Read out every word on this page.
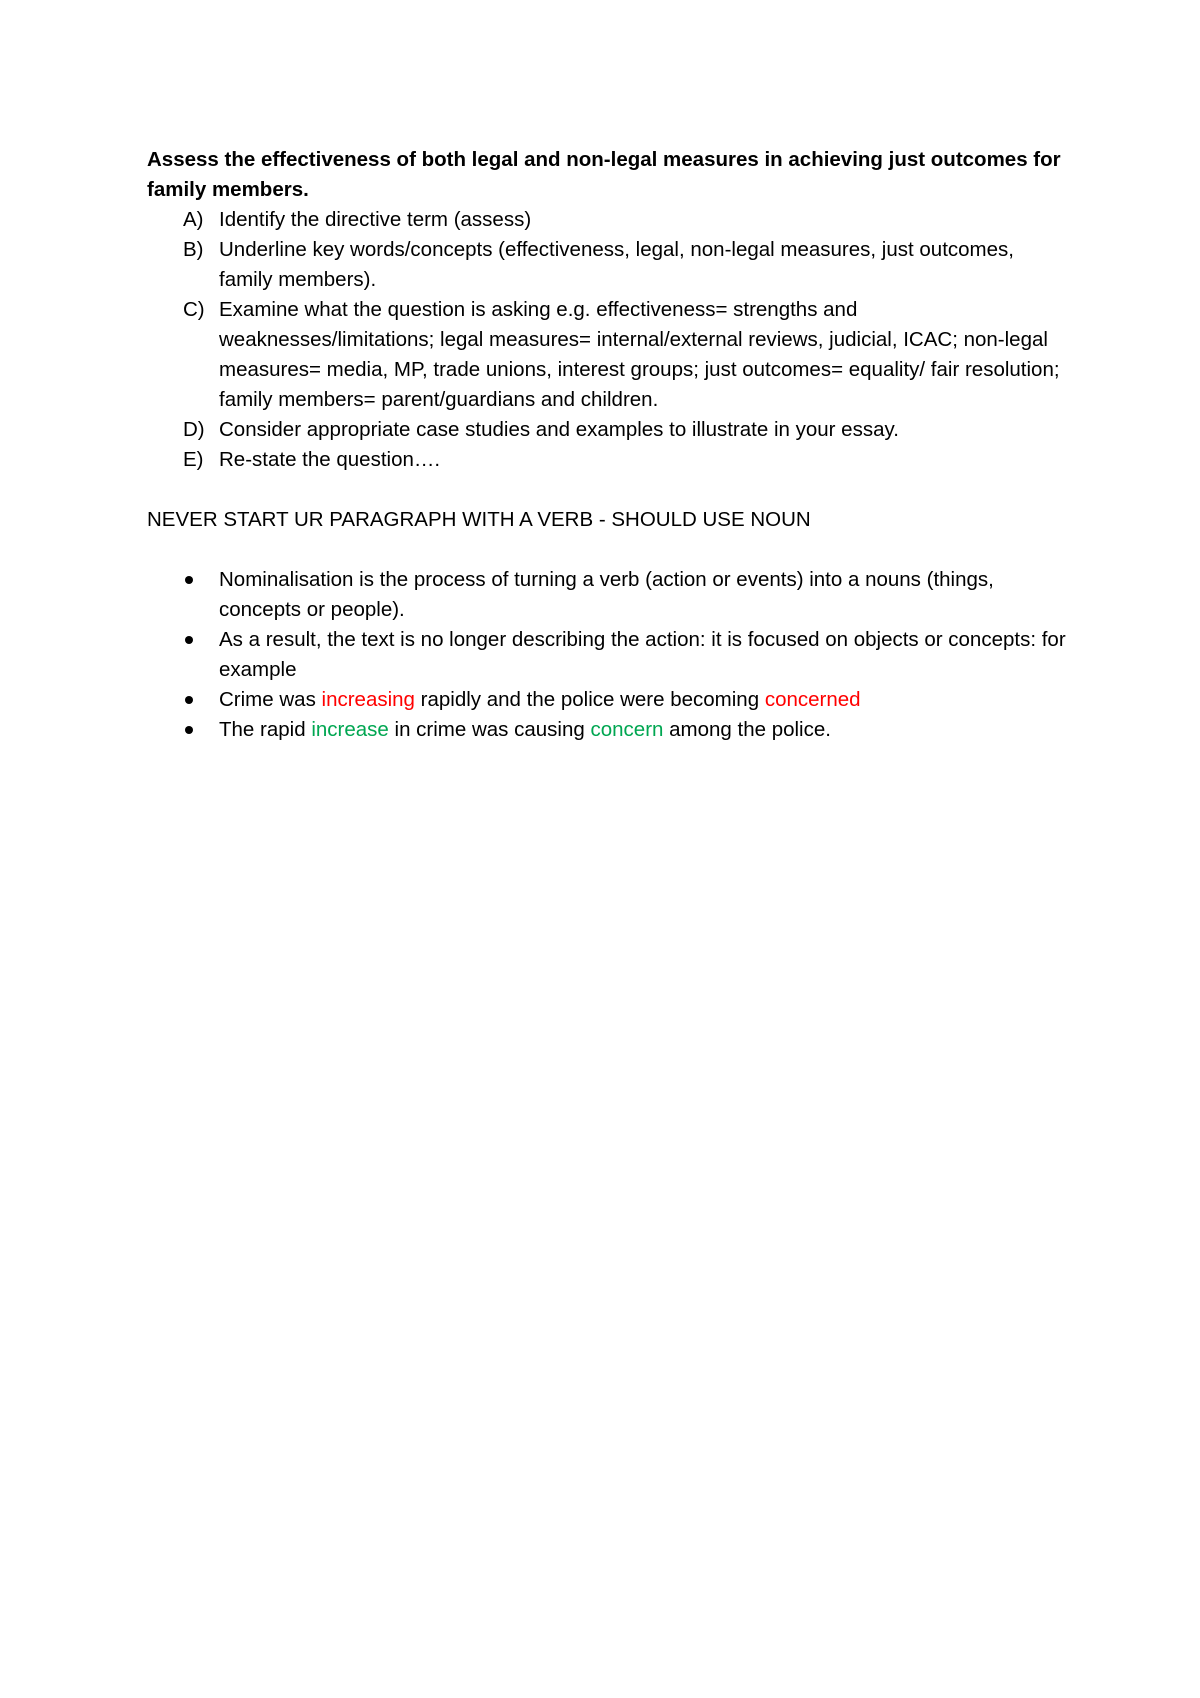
Assess the effectiveness of both legal and non-legal measures in achieving just outcomes for family members.

A) Identify the directive term (assess)
B) Underline key words/concepts (effectiveness, legal, non-legal measures, just outcomes, family members).
C) Examine what the question is asking e.g. effectiveness= strengths and weaknesses/limitations; legal measures= internal/external reviews, judicial, ICAC; non-legal measures= media, MP, trade unions, interest groups; just outcomes= equality/ fair resolution; family members= parent/guardians and children.
D) Consider appropriate case studies and examples to illustrate in your essay.
E) Re-state the question….

NEVER START UR PARAGRAPH WITH A VERB - SHOULD USE NOUN

Nominalisation is the process of turning a verb (action or events) into a nouns (things, concepts or people).
As a result, the text is no longer describing the action: it is focused on objects or concepts: for example
Crime was increasing rapidly and the police were becoming concerned
The rapid increase in crime was causing concern among the police.
